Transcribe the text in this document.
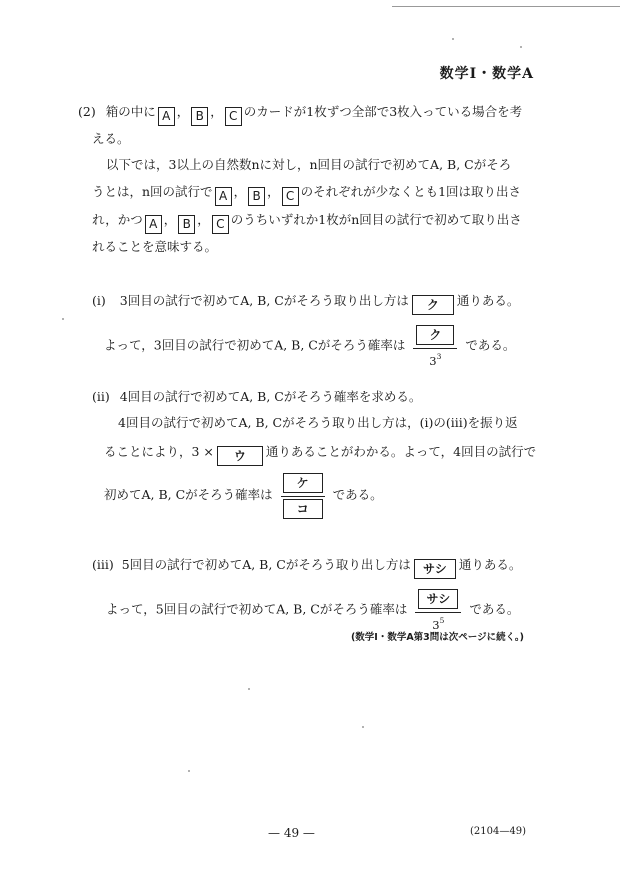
数学Ⅰ・数学A
(2) 箱の中に A ， B ， C のカードが1枚ずつ全部で3枚入っている場合を考
える。
以下では，3以上の自然数nに対し，n回目の試行で初めてA, B, Cがそろ
うとは，n回の試行で A ， B ， C のそれぞれが少なくとも1回は取り出さ
れ，かつ A ， B ， C のうちいずれか1枚がn回目の試行で初めて取り出さ
れることを意味する。
(i) 3回目の試行で初めてA, B, Cがそろう取り出し方は ク 通りある。
よって，3回目の試行で初めてA, B, Cがそろう確率は $\frac{\text{ク}}{3^3}$ である。
(ii) 4回目の試行で初めてA, B, Cがそろう確率を求める。
4回目の試行で初めてA, B, Cがそろう取り出し方は，(i)の(iii)を振り返
ることにより，3 × ウ 通りあることがわかる。よって，4回目の試行で
初めてA, B, Cがそろう確率は $\frac{\text{ケ}}{\text{コ}}$ である。
(iii) 5回目の試行で初めてA, B, Cがそろう取り出し方は サシ 通りある。
よって，5回目の試行で初めてA, B, Cがそろう確率は $\frac{\text{サシ}}{3^5}$ である。
(数学Ⅰ・数学A第3問は次ページに続く。)
— 49 —	(2104—49)
